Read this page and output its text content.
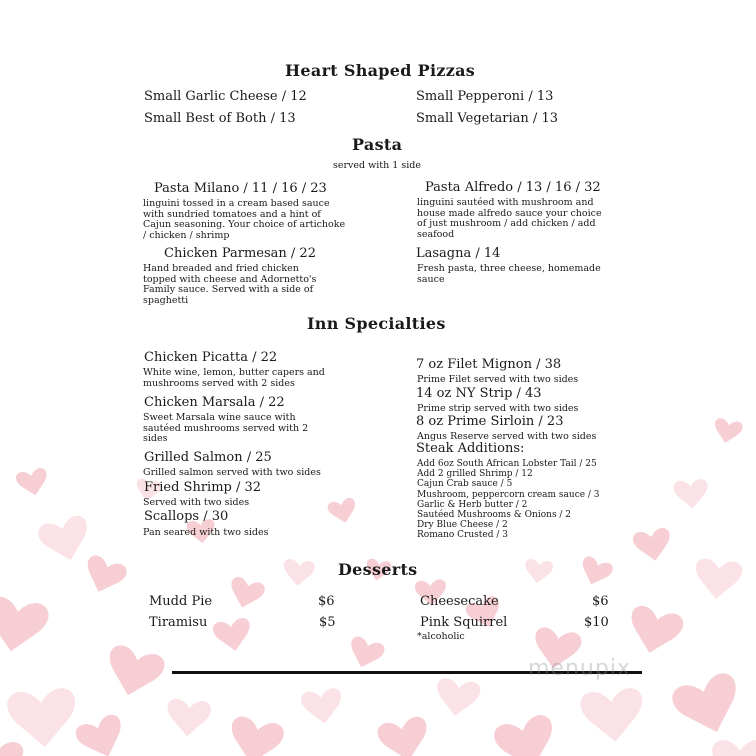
Heart Shaped Pizzas
Small Garlic Cheese / 12	Small Pepperoni / 13
Small Best of Both / 13	Small Vegetarian / 13
Pasta
served with 1 side
Pasta Milano / 11 / 16 / 23
linguini tossed in a cream based sauce with sundried tomatoes and a hint of Cajun seasoning. Your choice of artichoke / chicken / shrimp
Pasta Alfredo / 13 / 16 / 32
linguini sautéed with mushroom and house made alfredo sauce your choice of just mushroom / add chicken / add seafood
Chicken Parmesan / 22
Hand breaded and fried chicken topped with cheese and Adornetto's Family sauce. Served with a side of spaghetti
Lasagna / 14
Fresh pasta, three cheese, homemade sauce
Inn Specialties
Chicken Picatta / 22
White wine, lemon, butter capers and mushrooms served with 2 sides
Chicken Marsala / 22
Sweet Marsala wine sauce with sautéed mushrooms served with 2 sides
Grilled Salmon / 25
Grilled salmon served with two sides
Fried Shrimp / 32
Served with two sides
Scallops / 30
Pan seared with two sides
7 oz Filet Mignon / 38
Prime Filet served with two sides
14 oz NY Strip / 43
Prime strip served with two sides
8 oz Prime Sirloin / 23
Angus Reserve served with two sides
Steak Additions:
Add 6oz South African Lobster Tail / 25
Add 2 grilled Shrimp / 12
Cajun Crab sauce / 5
Mushroom, peppercorn cream sauce / 3
Garlic & Herb butter / 2
Sautéed Mushrooms & Onions / 2
Dry Blue Cheese / 2
Romano Crusted / 3
Desserts
Mudd Pie	$6	Cheesecake	$6
Tiramisu	$5	Pink Squirrel	$10
*alcoholic
menupix
